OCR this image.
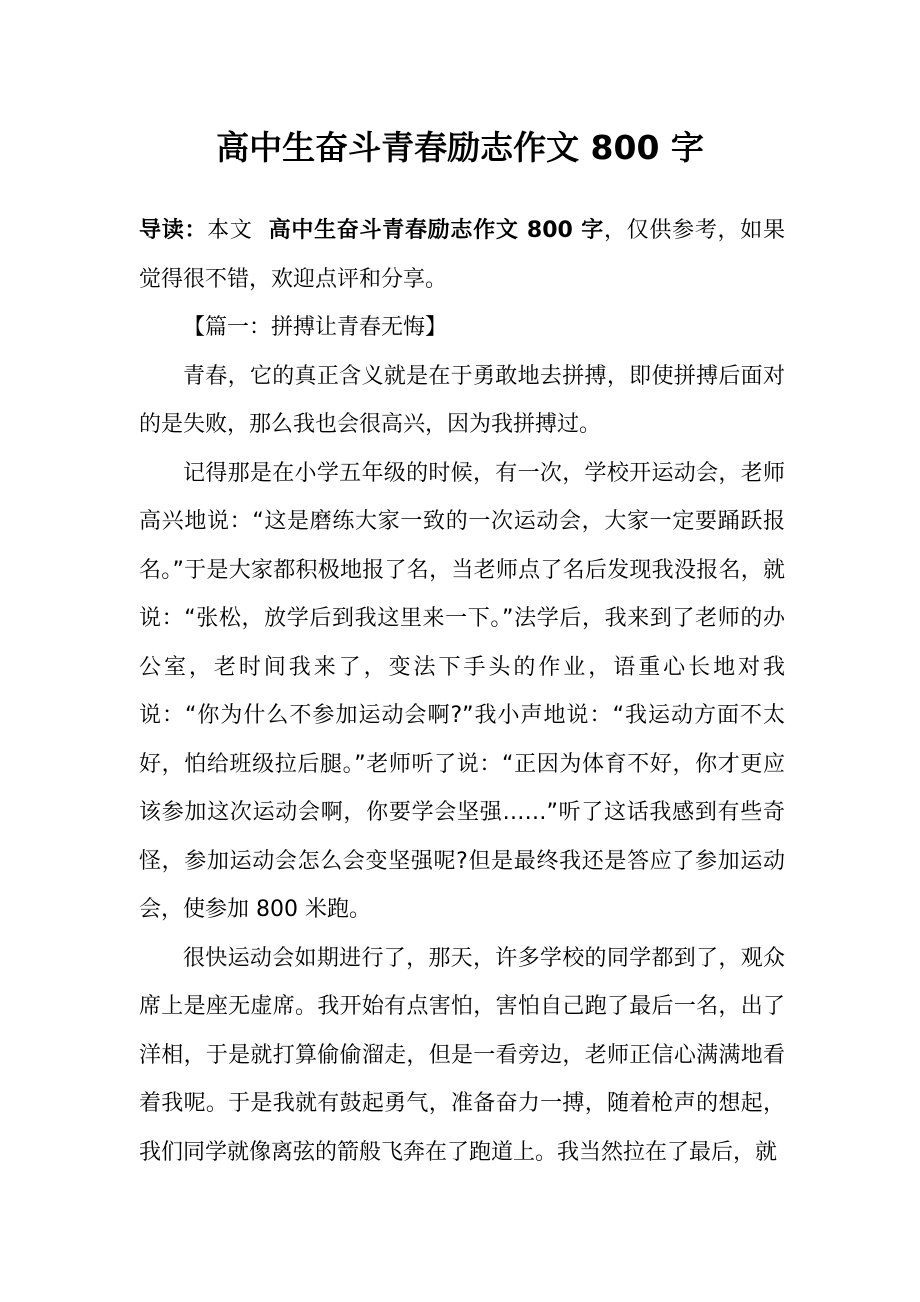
高中生奋斗青春励志作文 800 字

导读：本文 高中生奋斗青春励志作文 800 字，仅供参考，如果觉得很不错，欢迎点评和分享。

【篇一：拼搏让青春无悔】

青春，它的真正含义就是在于勇敢地去拼搏，即使拼搏后面对的是失败，那么我也会很高兴，因为我拼搏过。

记得那是在小学五年级的时候，有一次，学校开运动会，老师高兴地说：“这是磨练大家一致的一次运动会，大家一定要踊跃报名。”于是大家都积极地报了名，当老师点了名后发现我没报名，就说：“张松，放学后到我这里来一下。”法学后，我来到了老师的办公室，老时间我来了，变法下手头的作业，语重心长地对我说：“你为什么不参加运动会啊?”我小声地说：“我运动方面不太好，怕给班级拉后腿。”老师听了说：“正因为体育不好，你才更应该参加这次运动会啊，你要学会坚强……”听了这话我感到有些奇怪，参加运动会怎么会变坚强呢?但是最终我还是答应了参加运动会，使参加 800 米跑。

很快运动会如期进行了，那天，许多学校的同学都到了，观众席上是座无虚席。我开始有点害怕，害怕自己跑了最后一名，出了洋相，于是就打算偷偷溜走，但是一看旁边，老师正信心满满地看着我呢。于是我就有鼓起勇气，准备奋力一搏，随着枪声的想起，我们同学就像离弦的箭般飞奔在了跑道上。我当然拉在了最后，就
